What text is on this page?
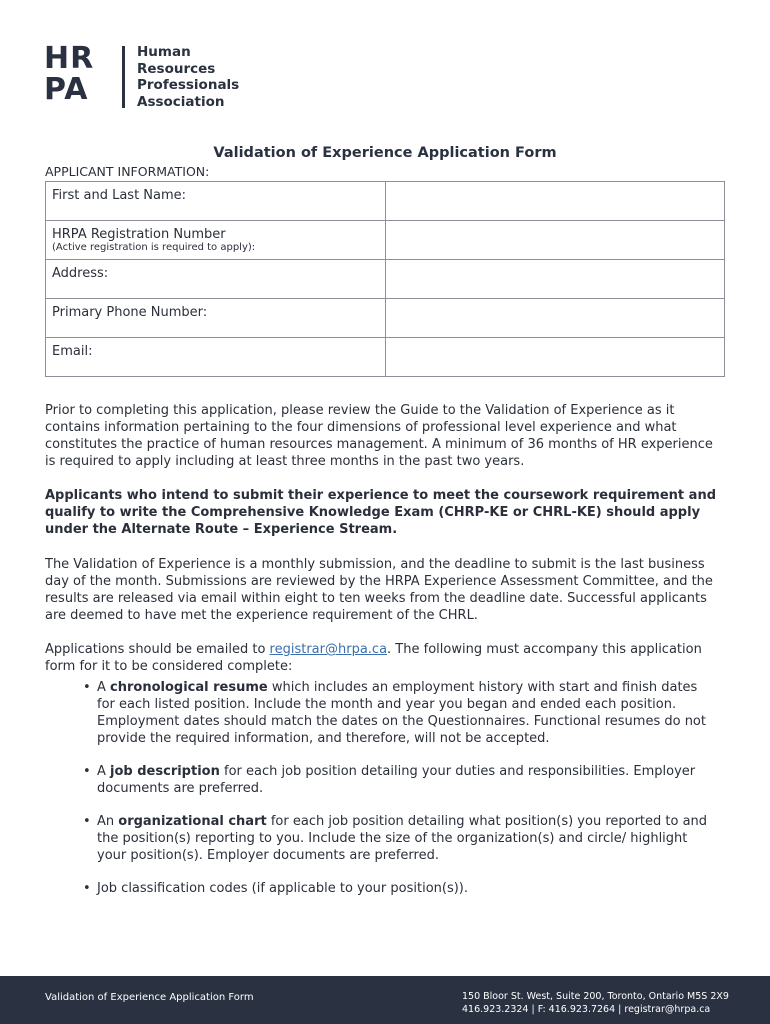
HR
PA
Human
Resources
Professionals
Association
Validation of Experience Application Form
APPLICANT INFORMATION:
First and Last Name:	
HRPA Registration Number
(Active registration is required to apply):	

Address:	
Primary Phone Number:	
Email:	
Prior to completing this application, please review the Guide to the Validation of Experience as it contains information pertaining to the four dimensions of professional level experience and what constitutes the practice of human resources management. A minimum of 36 months of HR experience is required to apply including at least three months in the past two years.
Applicants who intend to submit their experience to meet the coursework requirement and qualify to write the Comprehensive Knowledge Exam (CHRP-KE or CHRL-KE) should apply under the Alternate Route – Experience Stream.
The Validation of Experience is a monthly submission, and the deadline to submit is the last business day of the month. Submissions are reviewed by the HRPA Experience Assessment Committee, and the results are released via email within eight to ten weeks from the deadline date. Successful applicants are deemed to have met the experience requirement of the CHRL.
Applications should be emailed to registrar@hrpa.ca. The following must accompany this application form for it to be considered complete:
• A chronological resume which includes an employment history with start and finish dates for each listed position. Include the month and year you began and ended each position. Employment dates should match the dates on the Questionnaires. Functional resumes do not provide the required information, and therefore, will not be accepted.
• A job description for each job position detailing your duties and responsibilities. Employer documents are preferred.
• An organizational chart for each job position detailing what position(s) you reported to and the position(s) reporting to you. Include the size of the organization(s) and circle/ highlight your position(s). Employer documents are preferred.
• Job classification codes (if applicable to your position(s)).
Validation of Experience Application Form	150 Bloor St. West, Suite 200, Toronto, Ontario M5S 2X9
416.923.2324 | F: 416.923.7264 | registrar@hrpa.ca
